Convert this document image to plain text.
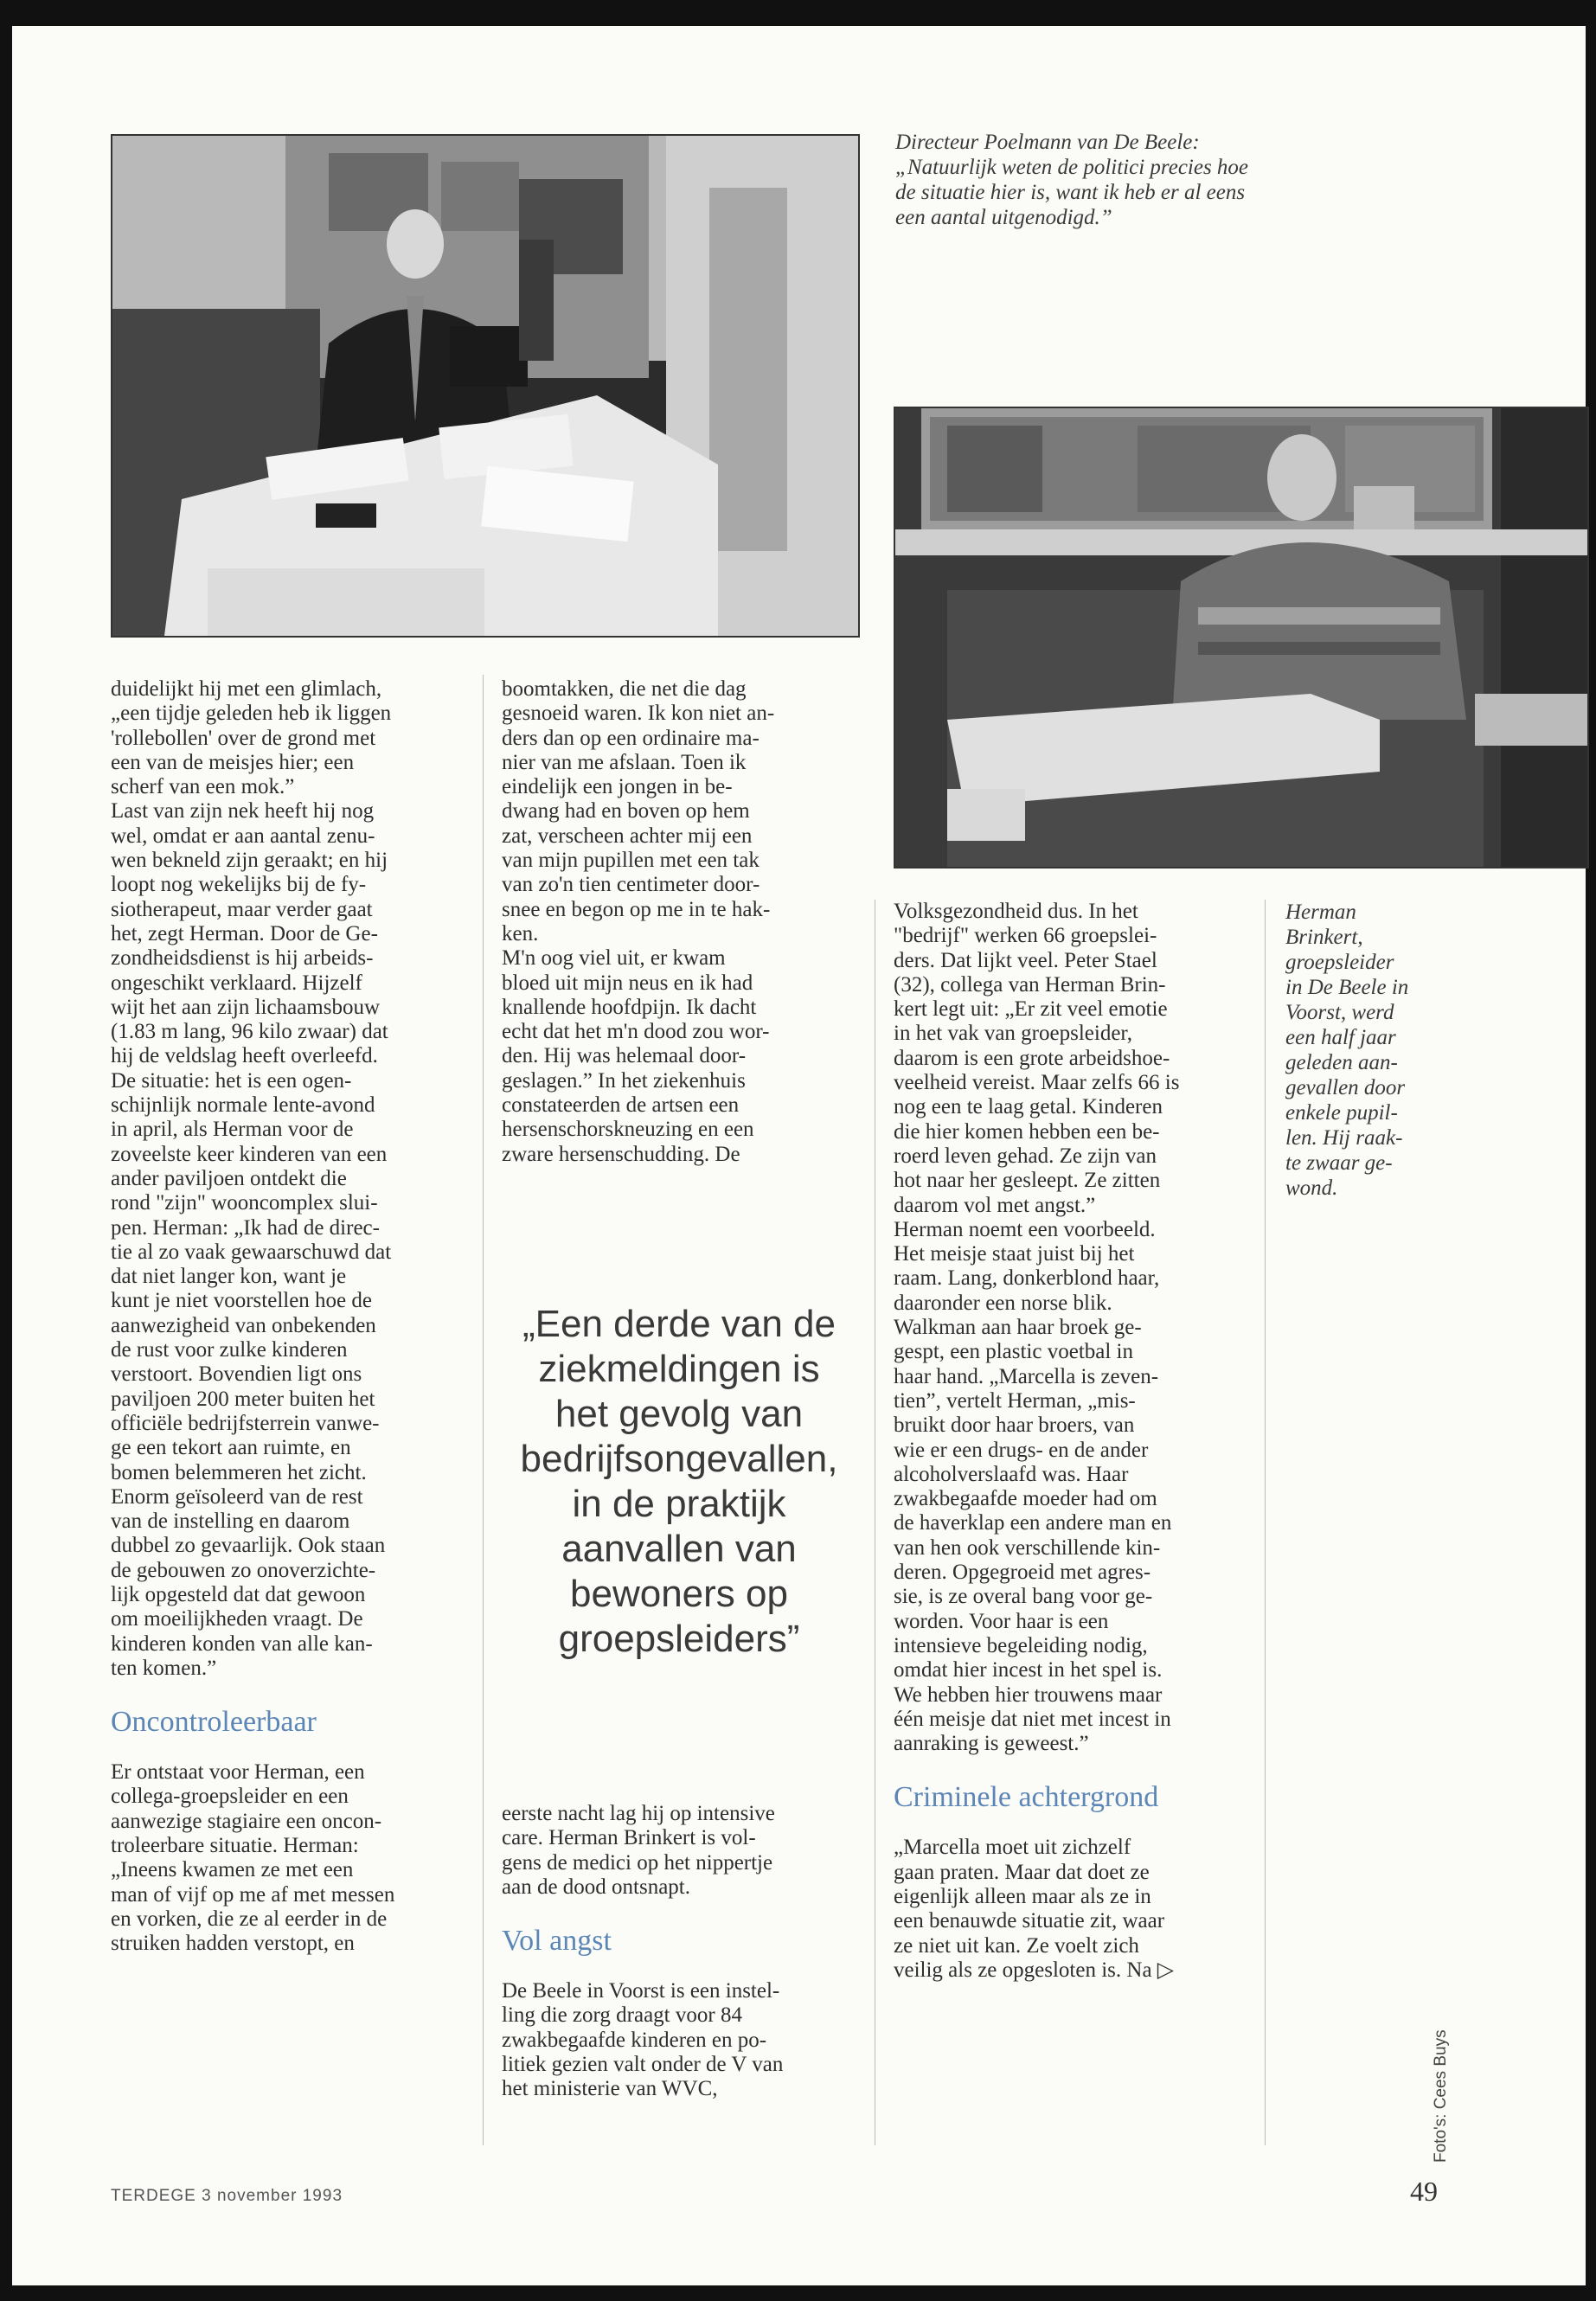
Directeur Poelmann van De Beele: „Natuurlijk weten de politici precies hoe de situatie hier is, want ik heb er al eens een aantal uitgenodigd.”
Herman
Brinkert,
groepsleider
in De Beele in
Voorst, werd
een half jaar
geleden aan-
gevallen door
enkele pupil-
len. Hij raak-
te zwaar ge-
wond.

duidelijkt hij met een glimlach,

„een tijdje geleden heb ik liggen

'rollebollen' over de grond met

een van de meisjes hier; een

scherf van een mok.”

Last van zijn nek heeft hij nog

wel, omdat er aan aantal zenu-

wen bekneld zijn geraakt; en hij

loopt nog wekelijks bij de fy-

siotherapeut, maar verder gaat

het, zegt Herman. Door de Ge-

zondheidsdienst is hij arbeids-

ongeschikt verklaard. Hijzelf

wijt het aan zijn lichaamsbouw

(1.83 m lang, 96 kilo zwaar) dat

hij de veldslag heeft overleefd.

De situatie: het is een ogen-

schijnlijk normale lente-avond

in april, als Herman voor de

zoveelste keer kinderen van een

ander paviljoen ontdekt die

rond "zijn" wooncomplex slui-

pen. Herman: „Ik had de direc-

tie al zo vaak gewaarschuwd dat

dat niet langer kon, want je

kunt je niet voorstellen hoe de

aanwezigheid van onbekenden

de rust voor zulke kinderen

verstoort. Bovendien ligt ons

paviljoen 200 meter buiten het

officiële bedrijfsterrein vanwe-

ge een tekort aan ruimte, en

bomen belemmeren het zicht.

Enorm geïsoleerd van de rest

van de instelling en daarom

dubbel zo gevaarlijk. Ook staan

de gebouwen zo onoverzichte-

lijk opgesteld dat dat gewoon

om moeilijkheden vraagt. De

kinderen konden van alle kan-

ten komen.”

Oncontroleerbaar

Er ontstaat voor Herman, een

collega-groepsleider en een

aanwezige stagiaire een oncon-

troleerbare situatie. Herman:

„Ineens kwamen ze met een

man of vijf op me af met messen

en vorken, die ze al eerder in de

struiken hadden verstopt, en

boomtakken, die net die dag

gesnoeid waren. Ik kon niet an-

ders dan op een ordinaire ma-

nier van me afslaan. Toen ik

eindelijk een jongen in be-

dwang had en boven op hem

zat, verscheen achter mij een

van mijn pupillen met een tak

van zo'n tien centimeter door-

snee en begon op me in te hak-

ken.

M'n oog viel uit, er kwam

bloed uit mijn neus en ik had

knallende hoofdpijn. Ik dacht

echt dat het m'n dood zou wor-

den. Hij was helemaal door-

geslagen.” In het ziekenhuis

constateerden de artsen een

hersenschorskneuzing en een

zware hersenschudding. De

„Een derde van de
ziekmeldingen is
het gevolg van
bedrijfsongevallen,
in de praktijk
aanvallen van
bewoners op
groepsleiders”

eerste nacht lag hij op intensive

care. Herman Brinkert is vol-

gens de medici op het nippertje

aan de dood ontsnapt.

Vol angst

De Beele in Voorst is een instel-

ling die zorg draagt voor 84

zwakbegaafde kinderen en po-

litiek gezien valt onder de V van

het ministerie van WVC,

Volksgezondheid dus. In het

"bedrijf" werken 66 groepslei-

ders. Dat lijkt veel. Peter Stael

(32), collega van Herman Brin-

kert legt uit: „Er zit veel emotie

in het vak van groepsleider,

daarom is een grote arbeidshoe-

veelheid vereist. Maar zelfs 66 is

nog een te laag getal. Kinderen

die hier komen hebben een be-

roerd leven gehad. Ze zijn van

hot naar her gesleept. Ze zitten

daarom vol met angst.”

Herman noemt een voorbeeld.

Het meisje staat juist bij het

raam. Lang, donkerblond haar,

daaronder een norse blik.

Walkman aan haar broek ge-

gespt, een plastic voetbal in

haar hand. „Marcella is zeven-

tien”, vertelt Herman, „mis-

bruikt door haar broers, van

wie er een drugs- en de ander

alcoholverslaafd was. Haar

zwakbegaafde moeder had om

de haverklap een andere man en

van hen ook verschillende kin-

deren. Opgegroeid met agres-

sie, is ze overal bang voor ge-

worden. Voor haar is een

intensieve begeleiding nodig,

omdat hier incest in het spel is.

We hebben hier trouwens maar

één meisje dat niet met incest in

aanraking is geweest.”

Criminele achtergrond

„Marcella moet uit zichzelf

gaan praten. Maar dat doet ze

eigenlijk alleen maar als ze in

een benauwde situatie zit, waar

ze niet uit kan. Ze voelt zich

veilig als ze opgesloten is. Na ▷

Foto's: Cees Buys
TERDEGE 3 november 1993	49
